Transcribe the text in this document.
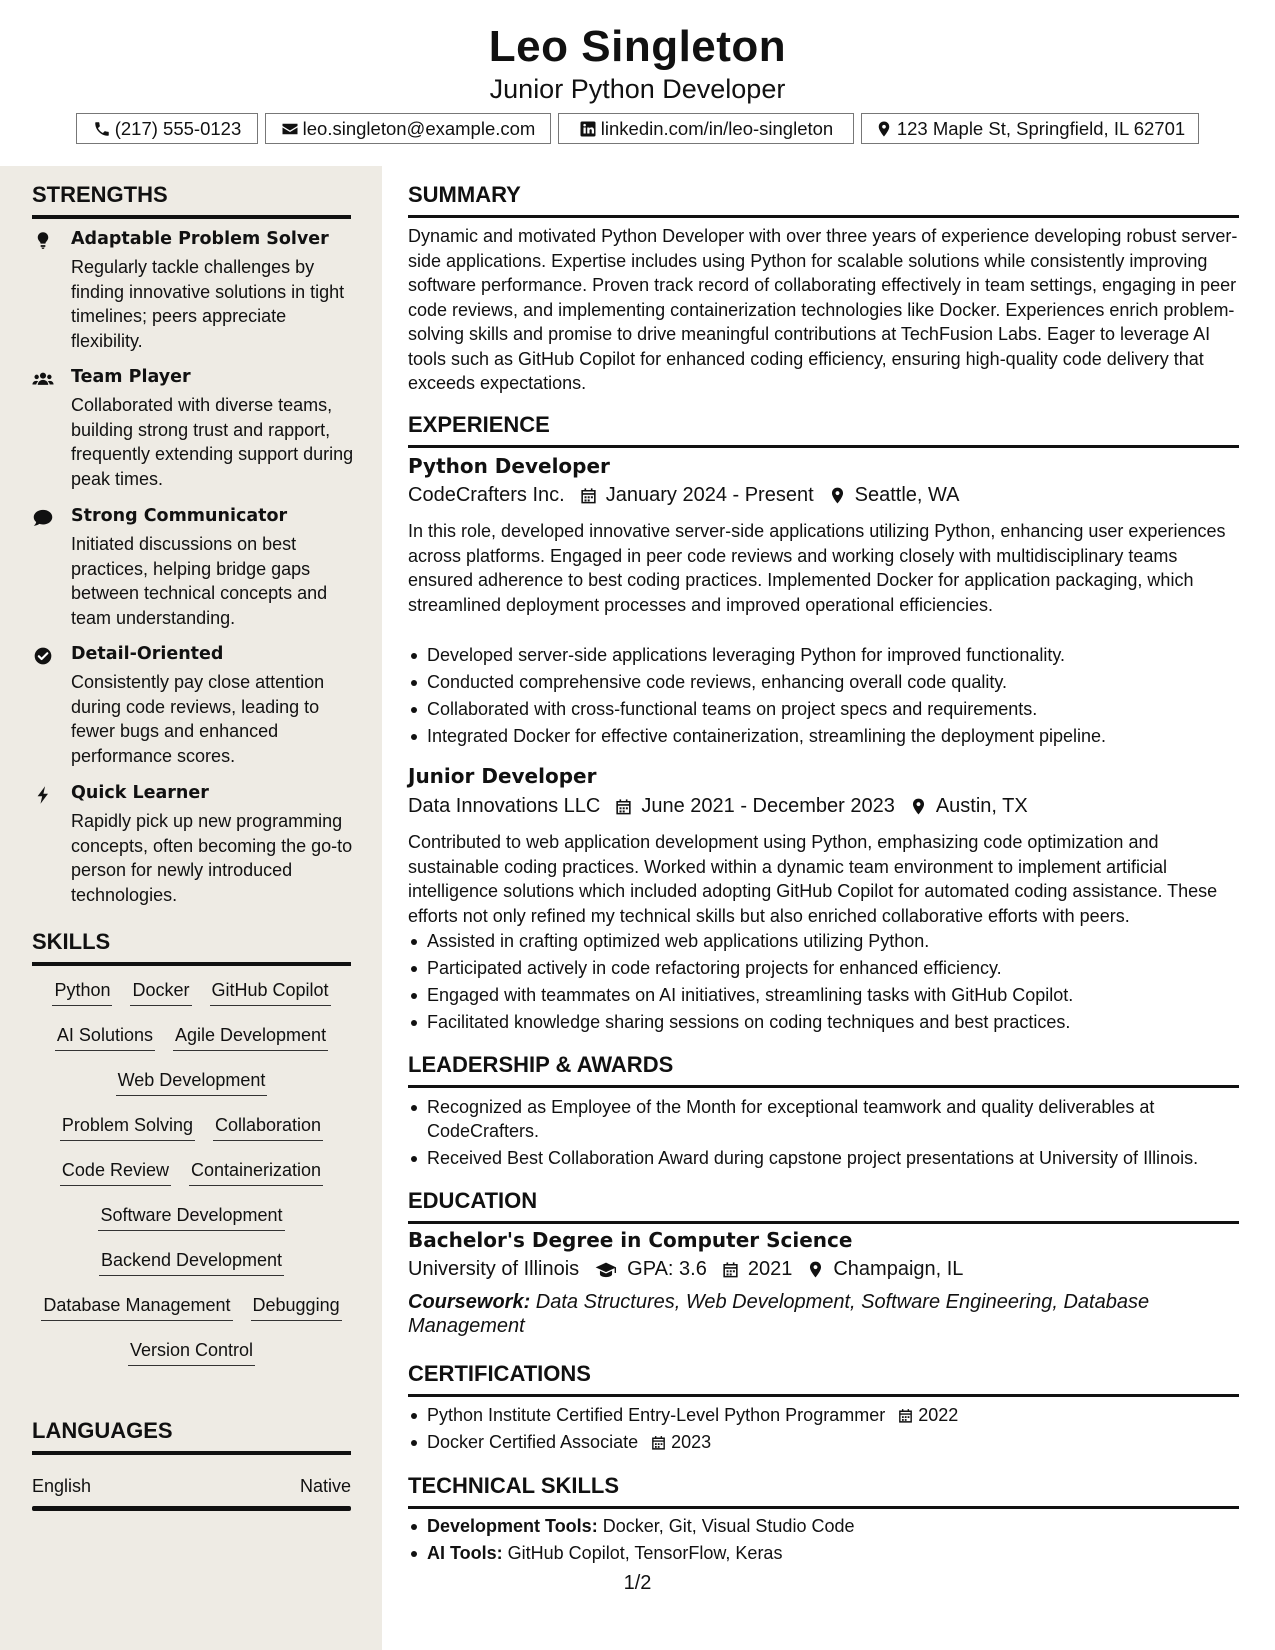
Leo Singleton
Junior Python Developer
(217) 555-0123	leo.singleton@example.com	linkedin.com/in/leo-singleton	123 Maple St, Springfield, IL 62701
STRENGTHS
Adaptable Problem Solver
Regularly tackle challenges by finding innovative solutions in tight timelines; peers appreciate flexibility.
Team Player
Collaborated with diverse teams, building strong trust and rapport, frequently extending support during peak times.
Strong Communicator
Initiated discussions on best practices, helping bridge gaps between technical concepts and team understanding.
Detail-Oriented
Consistently pay close attention during code reviews, leading to fewer bugs and enhanced performance scores.
Quick Learner
Rapidly pick up new programming concepts, often becoming the go-to person for newly introduced technologies.
SKILLS
Python Docker GitHub Copilot
AI Solutions Agile Development
Web Development
Problem Solving Collaboration
Code Review Containerization
Software Development
Backend Development
Database Management Debugging
Version Control
LANGUAGES
English	Native
SUMMARY
Dynamic and motivated Python Developer with over three years of experience developing robust server-side applications. Expertise includes using Python for scalable solutions while consistently improving software performance. Proven track record of collaborating effectively in team settings, engaging in peer code reviews, and implementing containerization technologies like Docker. Experiences enrich problem-solving skills and promise to drive meaningful contributions at TechFusion Labs. Eager to leverage AI tools such as GitHub Copilot for enhanced coding efficiency, ensuring high-quality code delivery that exceeds expectations.
EXPERIENCE
Python Developer
CodeCrafters Inc. January 2024 - Present Seattle, WA
In this role, developed innovative server-side applications utilizing Python, enhancing user experiences across platforms. Engaged in peer code reviews and working closely with multidisciplinary teams ensured adherence to best coding practices. Implemented Docker for application packaging, which streamlined deployment processes and improved operational efficiencies.
Developed server-side applications leveraging Python for improved functionality.
Conducted comprehensive code reviews, enhancing overall code quality.
Collaborated with cross-functional teams on project specs and requirements.
Integrated Docker for effective containerization, streamlining the deployment pipeline.
Junior Developer
Data Innovations LLC June 2021 - December 2023 Austin, TX
Contributed to web application development using Python, emphasizing code optimization and sustainable coding practices. Worked within a dynamic team environment to implement artificial intelligence solutions which included adopting GitHub Copilot for automated coding assistance. These efforts not only refined my technical skills but also enriched collaborative efforts with peers.
Assisted in crafting optimized web applications utilizing Python.
Participated actively in code refactoring projects for enhanced efficiency.
Engaged with teammates on AI initiatives, streamlining tasks with GitHub Copilot.
Facilitated knowledge sharing sessions on coding techniques and best practices.
LEADERSHIP & AWARDS
Recognized as Employee of the Month for exceptional teamwork and quality deliverables at CodeCrafters.
Received Best Collaboration Award during capstone project presentations at University of Illinois.
EDUCATION
Bachelor's Degree in Computer Science
University of Illinois GPA: 3.6 2021 Champaign, IL
Coursework: Data Structures, Web Development, Software Engineering, Database Management
CERTIFICATIONS
Python Institute Certified Entry-Level Python Programmer 2022
Docker Certified Associate 2023
TECHNICAL SKILLS
Development Tools: Docker, Git, Visual Studio Code
AI Tools: GitHub Copilot, TensorFlow, Keras
1/2
